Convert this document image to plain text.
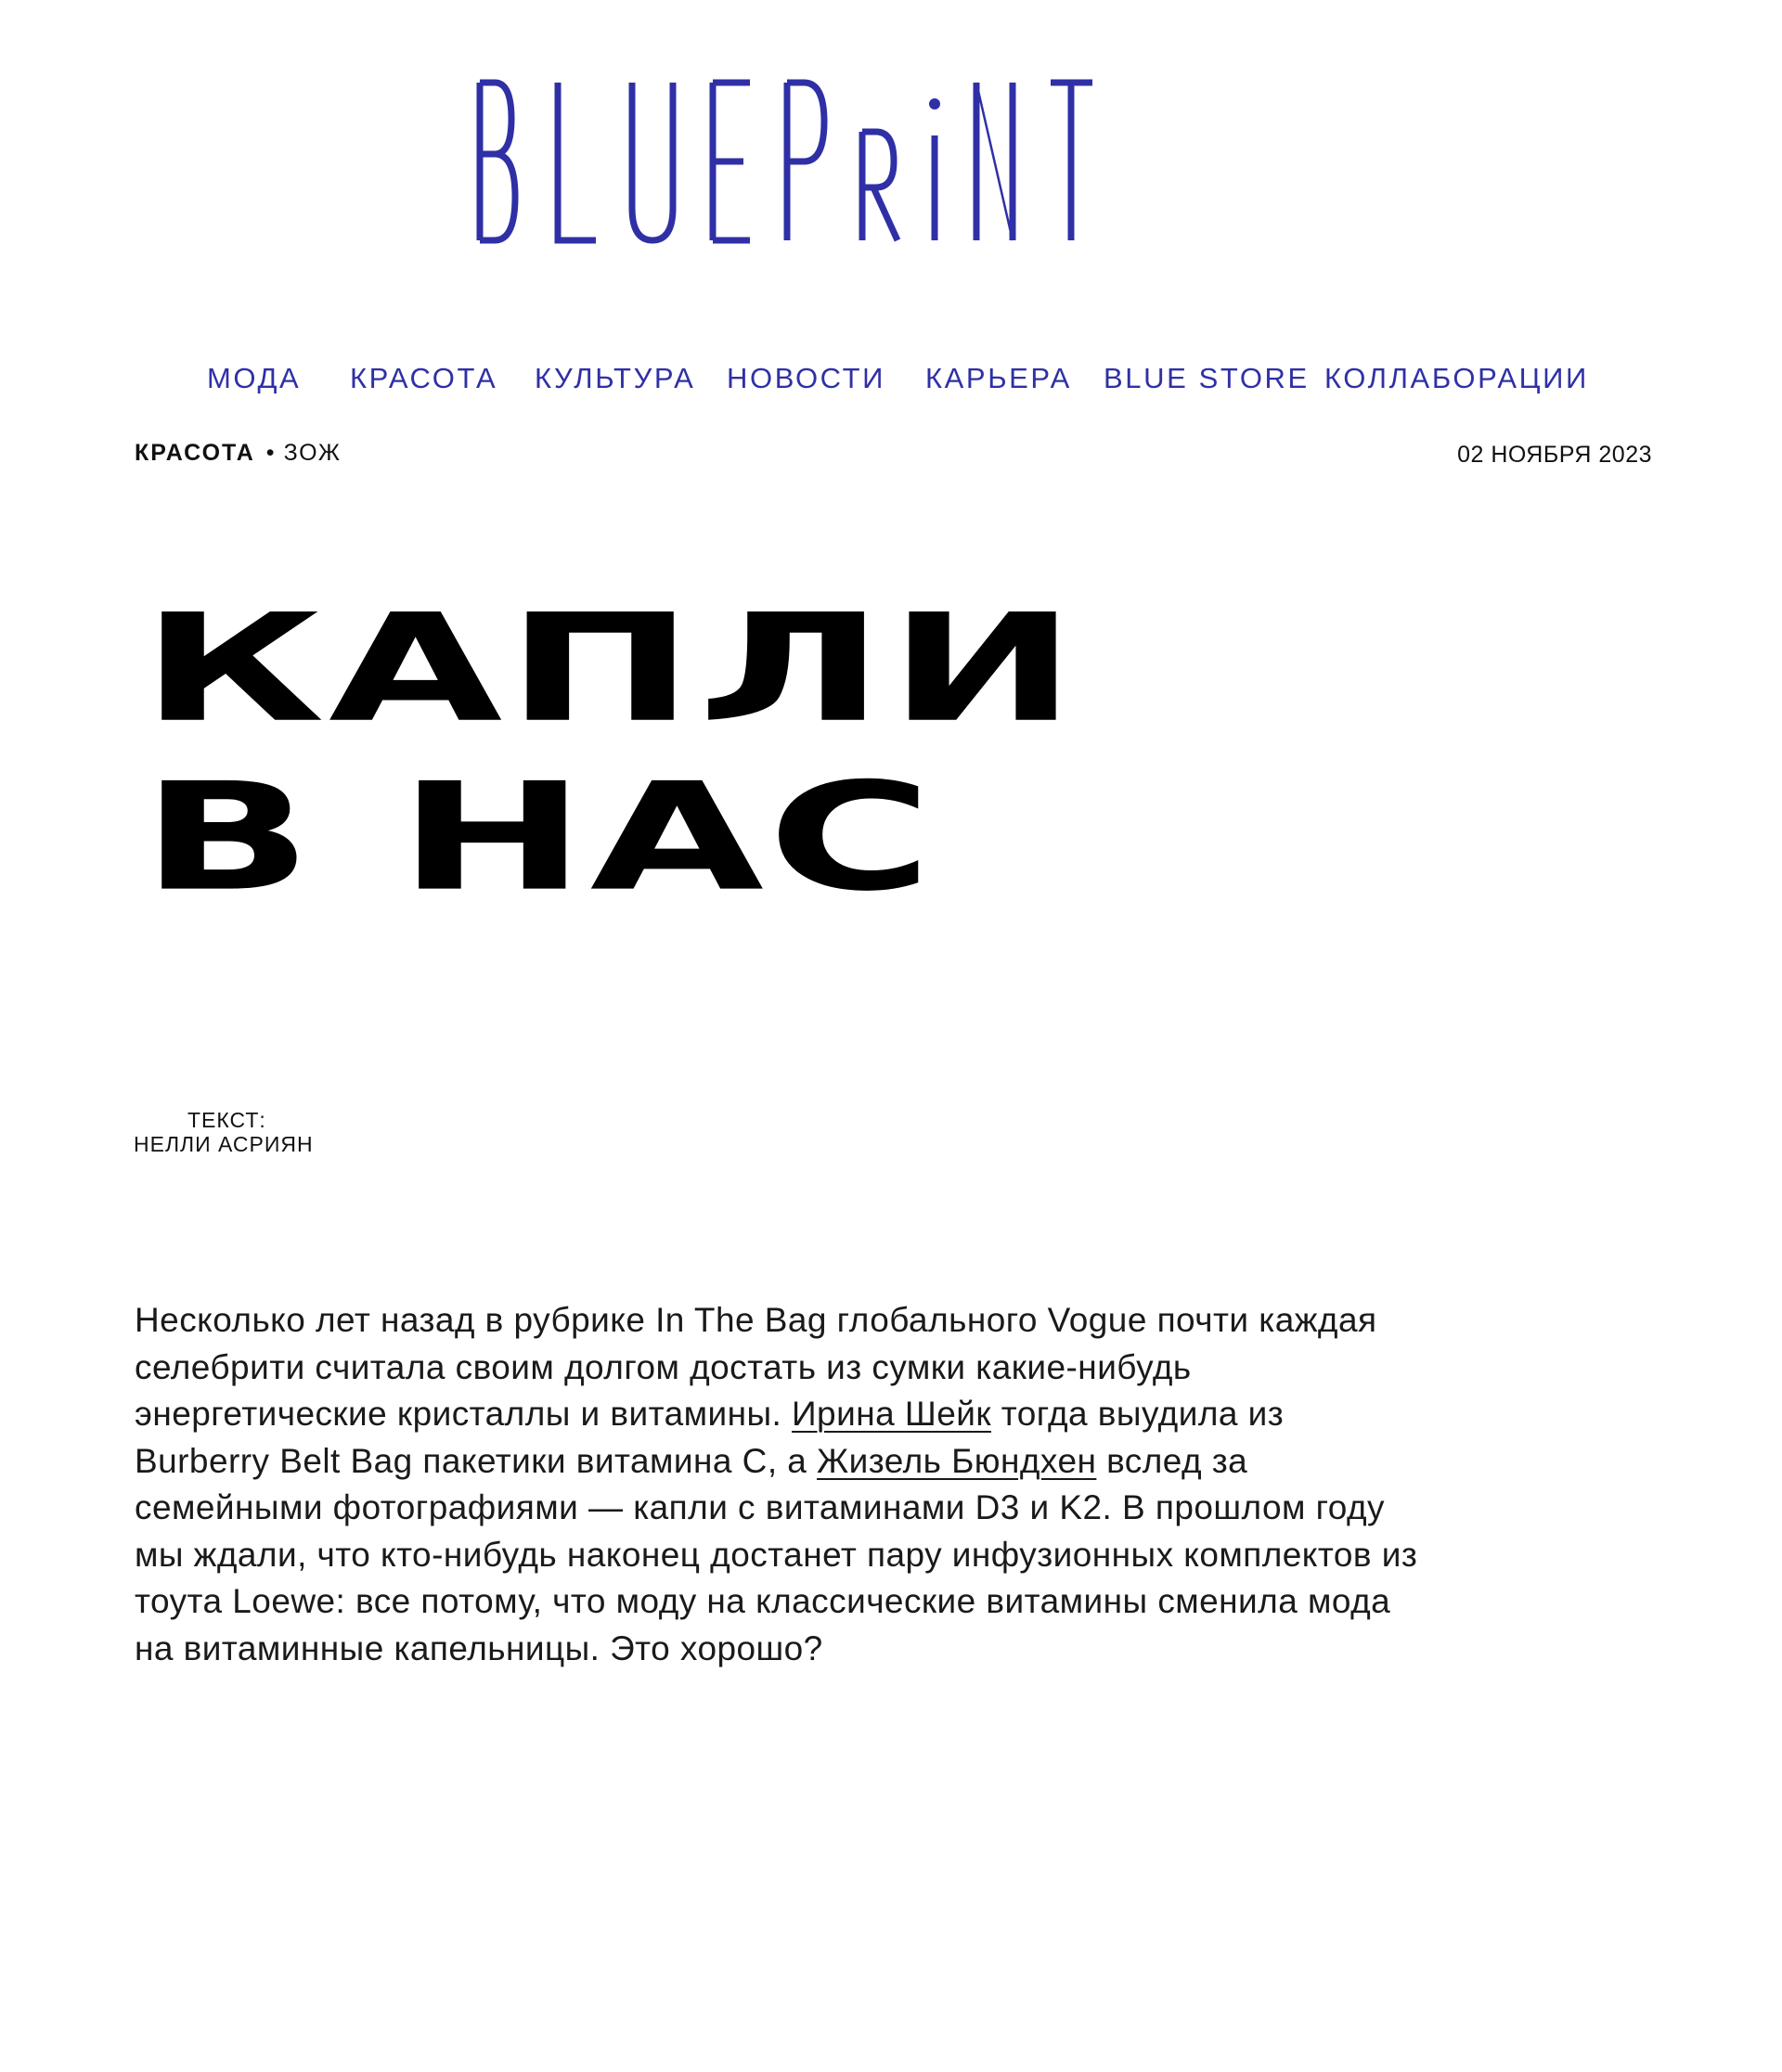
МОДА КРАСОТА КУЛЬТУРА НОВОСТИ КАРЬЕРА BLUE STORE КОЛЛАБОРАЦИИ
КРАСОТА • ЗОЖ	02 НОЯБРЯ 2023
КАПЛИ
В НАС
ТЕКСТ:
НЕЛЛИ АСРИЯН

Несколько лет назад в рубрике In The Bag глобального Vogue почти каждая селебрити считала своим долгом достать из сумки какие-нибудь энергетические кристаллы и витамины. Ирина Шейк тогда выудила из Burberry Belt Bag пакетики витамина С, а Жизель Бюндхен вслед за семейными фотографиями — капли с витаминами D3 и K2. В прошлом году мы ждали, что кто-нибудь наконец достанет пару инфузионных комплектов из тоута Loewe: все потому, что моду на классические витамины сменила мода на витаминные капельницы. Это хорошо?
